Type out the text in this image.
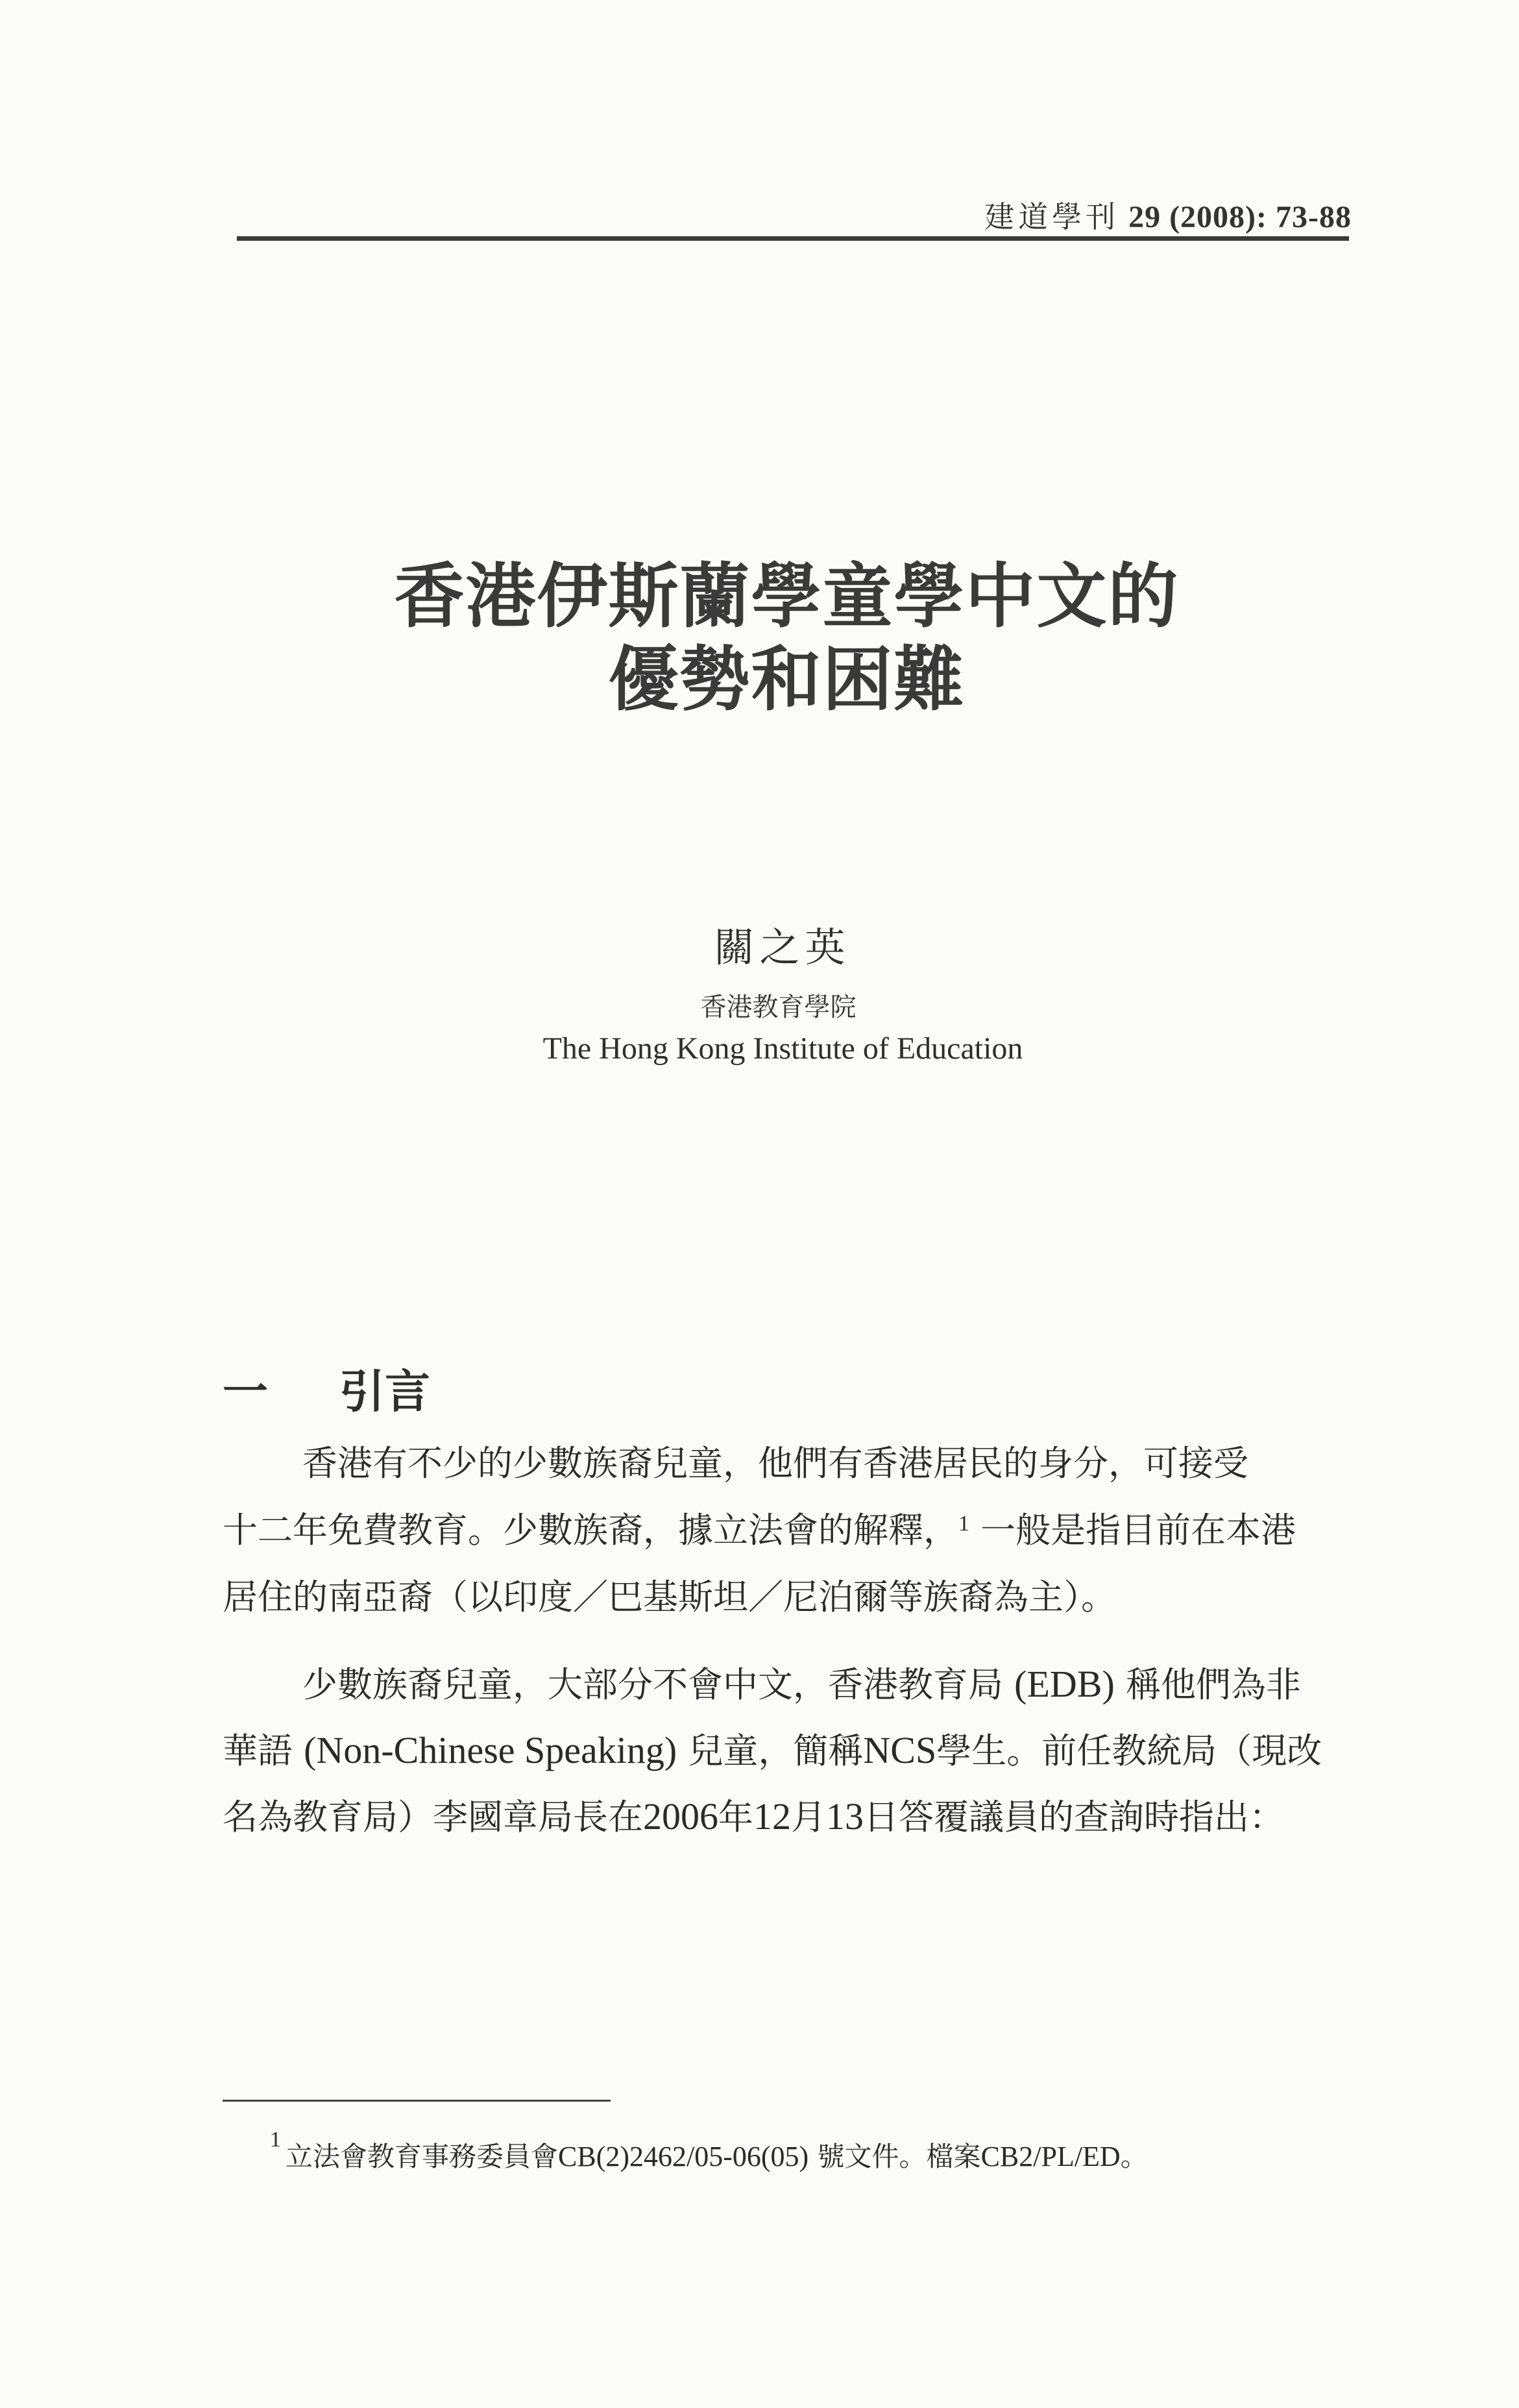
建道學刊 29 (2008): 73-88
香港伊斯蘭學童學中文的
優勢和困難
關之英
香港教育學院
The Hong Kong Institute of Education
一 引言
香港有不少的少數族裔兒童，他們有香港居民的身分，可接受
十二年免費教育。少數族裔，據立法會的解釋，$^1$ 一般是指目前在本港
居住的南亞裔（以印度／巴基斯坦／尼泊爾等族裔為主）。
少數族裔兒童，大部分不會中文，香港教育局 (EDB) 稱他們為非
華語 (Non-Chinese Speaking) 兒童，簡稱NCS學生。前任教統局（現改
名為教育局）李國章局長在2006年12月13日答覆議員的查詢時指出：
1
立法會教育事務委員會CB(2)2462/05-06(05) 號文件。檔案CB2/PL/ED。
